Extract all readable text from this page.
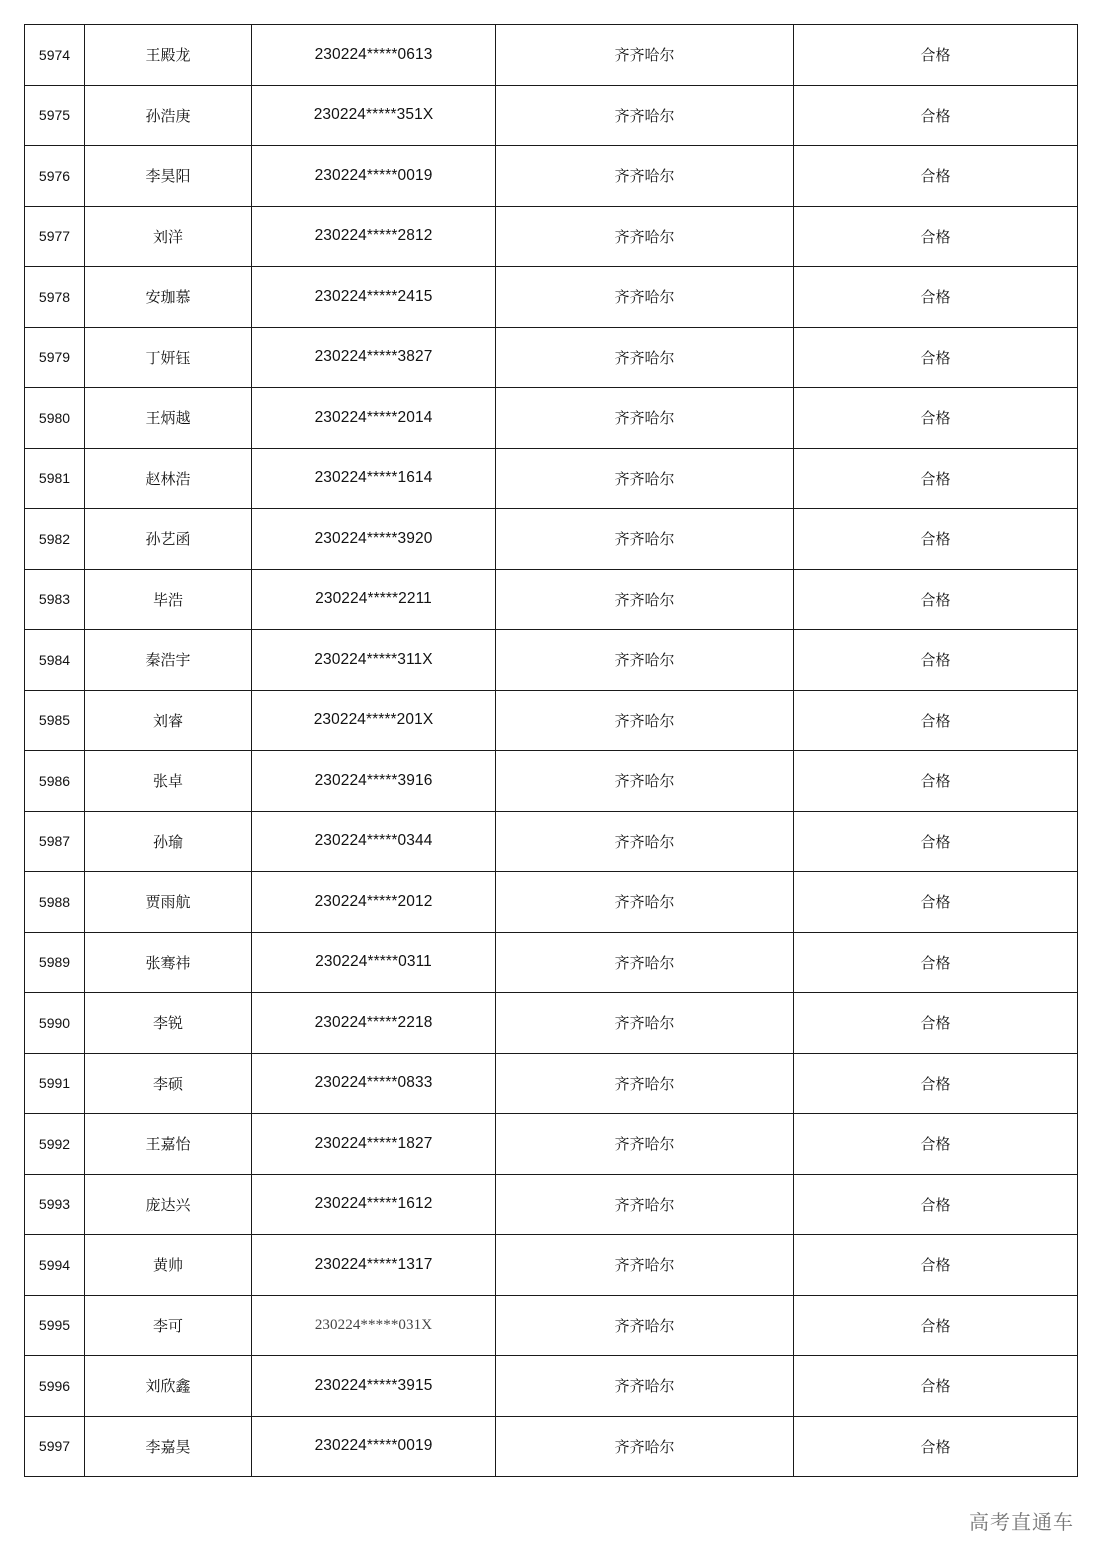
5974	王殿龙	230224*****0613	齐齐哈尔	合格
5975	孙浩庚	230224*****351X	齐齐哈尔	合格
5976	李昊阳	230224*****0019	齐齐哈尔	合格
5977	刘洋	230224*****2812	齐齐哈尔	合格
5978	安珈慕	230224*****2415	齐齐哈尔	合格
5979	丁妍钰	230224*****3827	齐齐哈尔	合格
5980	王炳越	230224*****2014	齐齐哈尔	合格
5981	赵林浩	230224*****1614	齐齐哈尔	合格
5982	孙艺函	230224*****3920	齐齐哈尔	合格
5983	毕浩	230224*****2211	齐齐哈尔	合格
5984	秦浩宇	230224*****311X	齐齐哈尔	合格
5985	刘睿	230224*****201X	齐齐哈尔	合格
5986	张卓	230224*****3916	齐齐哈尔	合格
5987	孙瑜	230224*****0344	齐齐哈尔	合格
5988	贾雨航	230224*****2012	齐齐哈尔	合格
5989	张骞祎	230224*****0311	齐齐哈尔	合格
5990	李锐	230224*****2218	齐齐哈尔	合格
5991	李硕	230224*****0833	齐齐哈尔	合格
5992	王嘉怡	230224*****1827	齐齐哈尔	合格
5993	庞达兴	230224*****1612	齐齐哈尔	合格
5994	黄帅	230224*****1317	齐齐哈尔	合格
5995	李可	230224*****031X	齐齐哈尔	合格
5996	刘欣鑫	230224*****3915	齐齐哈尔	合格
5997	李嘉昊	230224*****0019	齐齐哈尔	合格
高考直通车
